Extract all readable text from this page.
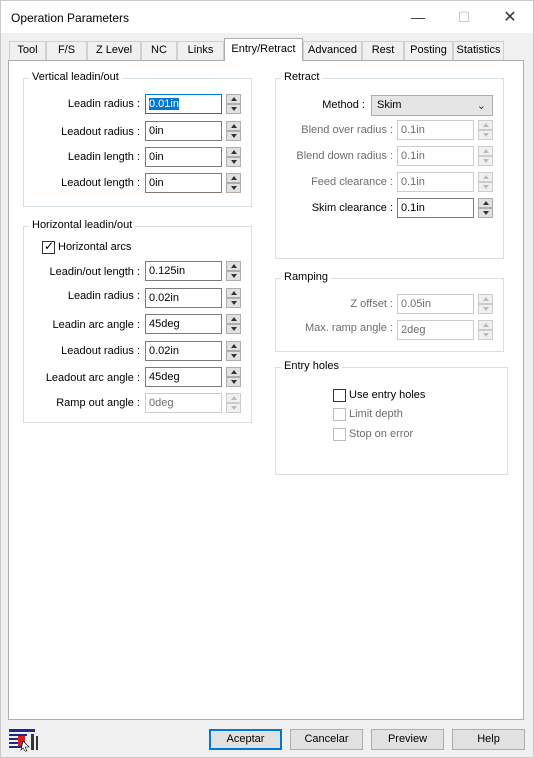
Operation Parameters	—	☐	✕
Tool	F/S	Z Level	NC	Links	Entry/Retract	Advanced	Rest	Posting Statistics
Vertical leadin/out
Leadin radius : 0.01in
Leadout radius : 0in
Leadin length : 0in
Leadout length : 0in
Horizontal leadin/out
✓ Horizontal arcs
Leadin/out length : 0.125in
Leadin radius : 0.02in
Leadin arc angle : 45deg
Leadout radius : 0.02in
Leadout arc angle : 45deg
Ramp out angle : 0deg
Retract
Method :	Skim	⌄
Blend over radius : 0.1in
Blend down radius : 0.1in
Feed clearance : 0.1in
Skim clearance : 0.1in
Ramping
Z offset : 0.05in
Max. ramp angle : 2deg
Entry holes
Use entry holes
Limit depth
Stop on error
Aceptar	Cancelar	Preview	Help
